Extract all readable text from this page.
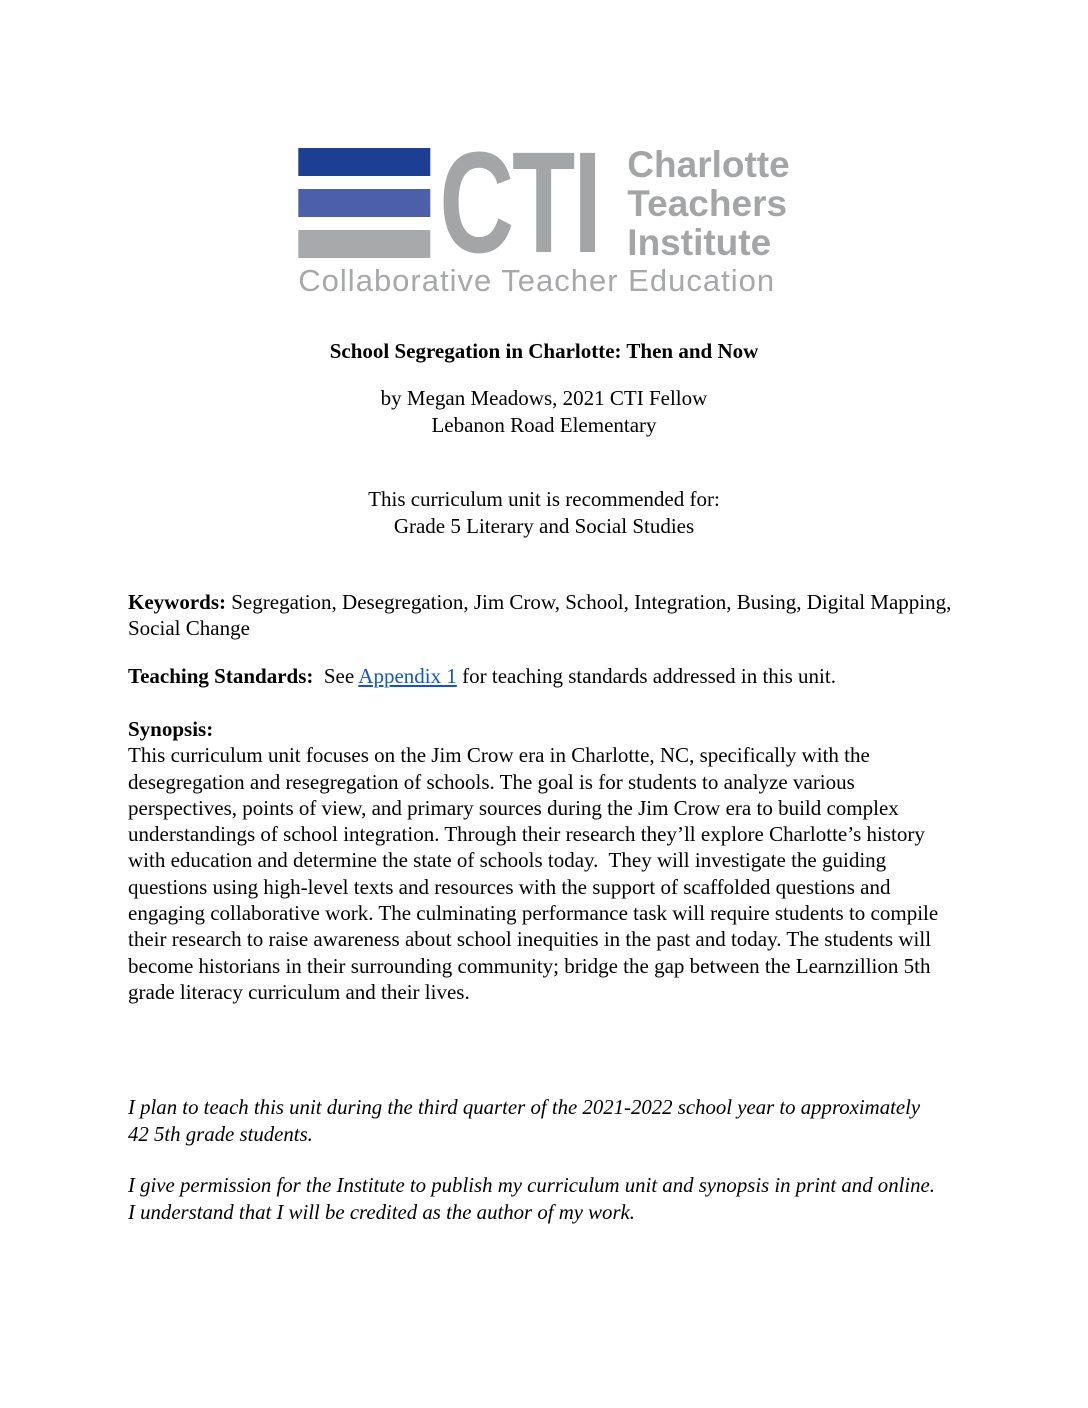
CTI Charlotte
Teachers
Institute
Collaborative Teacher Education
School Segregation in Charlotte: Then and Now
by Megan Meadows, 2021 CTI Fellow
Lebanon Road Elementary
This curriculum unit is recommended for:
Grade 5 Literary and Social Studies

Keywords: Segregation, Desegregation, Jim Crow, School, Integration, Busing, Digital Mapping, Social Change

Teaching Standards:  See Appendix 1 for teaching standards addressed in this unit.

Synopsis:
This curriculum unit focuses on the Jim Crow era in Charlotte, NC, specifically with the desegregation and resegregation of schools. The goal is for students to analyze various perspectives, points of view, and primary sources during the Jim Crow era to build complex understandings of school integration. Through their research they’ll explore Charlotte’s history with education and determine the state of schools today.  They will investigate the guiding questions using high-level texts and resources with the support of scaffolded questions and engaging collaborative work. The culminating performance task will require students to compile their research to raise awareness about school inequities in the past and today. The students will become historians in their surrounding community; bridge the gap between the Learnzillion 5th grade literacy curriculum and their lives.

I plan to teach this unit during the third quarter of the 2021-2022 school year to approximately
42 5th grade students.
I give permission for the Institute to publish my curriculum unit and synopsis in print and online.
I understand that I will be credited as the author of my work.
